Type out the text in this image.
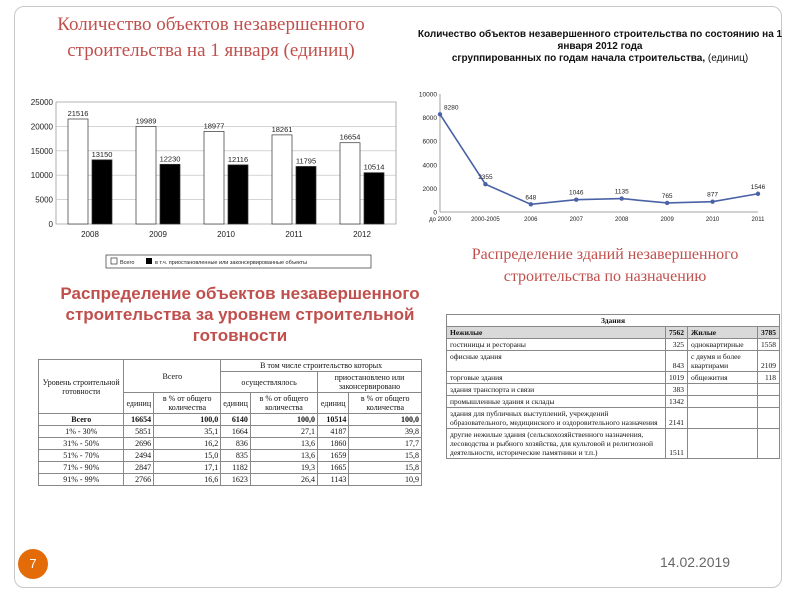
Количество объектов незавершенного строительства на 1 января (единиц)
0
5000
10000
15000
20000
25000
21516
13150
2008
19989
12230
2009
18977
12116
2010
18261
11795
2011
16654
10514
2012
Всего	в т.ч. приостановленные или законсервированные объекты
Количество объектов незавершенного строительства по состоянию на 1 января 2012 года
сгруппированных по годам начала строительства, (единиц)
0
2000
4000
6000
8000
10000
8280
до 2000
2355
2000-2005
648
2006
1046
2007
1135
2008
765
2009
877
2010
1546
2011
Распределение объектов незавершенного строительства за уровнем строительной готовности
Распределение зданий незавершенного строительства по назначению
Уровень строительной готовности	Всего		В том числе строительство которых			
			осуществлялось		приостановлено или законсервировано	
	единиц	в % от общего количества	единиц	в % от общего количества	единиц	в % от общего количества
Всего	16654	100,0	6140	100,0	10514	100,0
1% - 30%	5851	35,1	1664	27,1	4187	39,8
31% - 50%	2696	16,2	836	13,6	1860	17,7
51% - 70%	2494	15,0	835	13,6	1659	15,8
71% - 90%	2847	17,1	1182	19,3	1665	15,8
91% - 99%	2766	16,6	1623	26,4	1143	10,9
Здания			
Нежилые	7562	Жилые	3785
гостиницы и рестораны	325	одноквартирные	1558
офисные здания	843	с двумя и более квартирами	2109
торговые здания	1019	общежития	118
здания транспорта и связи	383		
промышленные здания и склады	1342		
здания для публичных выступлений, учреждений образовательного, медицинского и оздоровительного назначения	2141		
другие нежилые здания (сельскохозяйственного назначения, лесоводства и рыбного хозяйства, для культовой и религиозной деятельности, исторические памятники и т.п.)	1511		
7	14.02.2019
